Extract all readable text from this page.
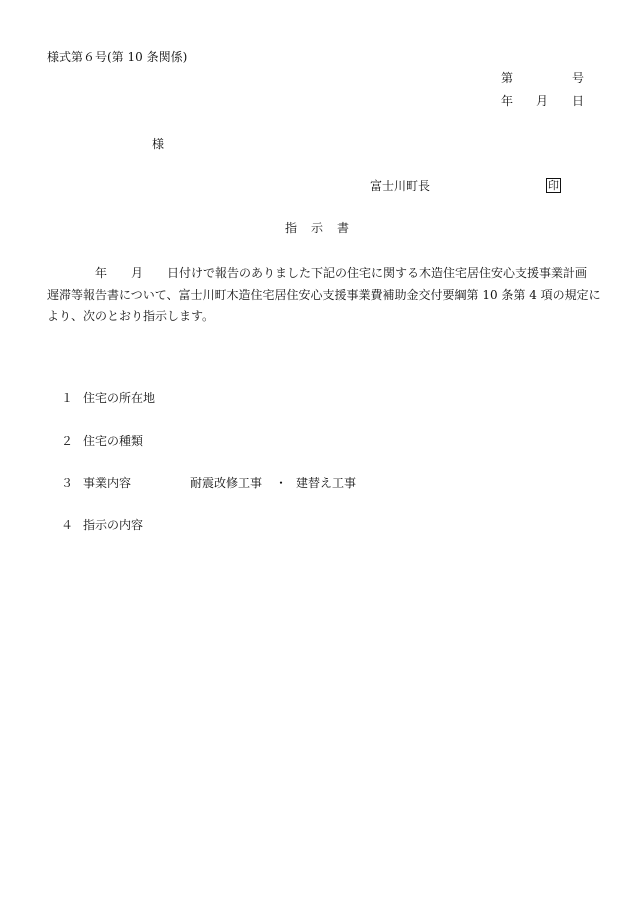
様式第６号(第 10 条関係)
第	号
年 月 日
様
富士川町長	印
指　示　書

年 月 日付けで報告のありました下記の住宅に関する木造住宅居住安心支援事業計画

遅滞等報告書について、富士川町木造住宅居住安心支援事業費補助金交付要綱第 10 条第 4 項の規定に

より、次のとおり指示します。

１ 住宅の所在地
２ 住宅の種類
３ 事業内容	耐震改修工事 ・ 建替え工事
４ 指示の内容
